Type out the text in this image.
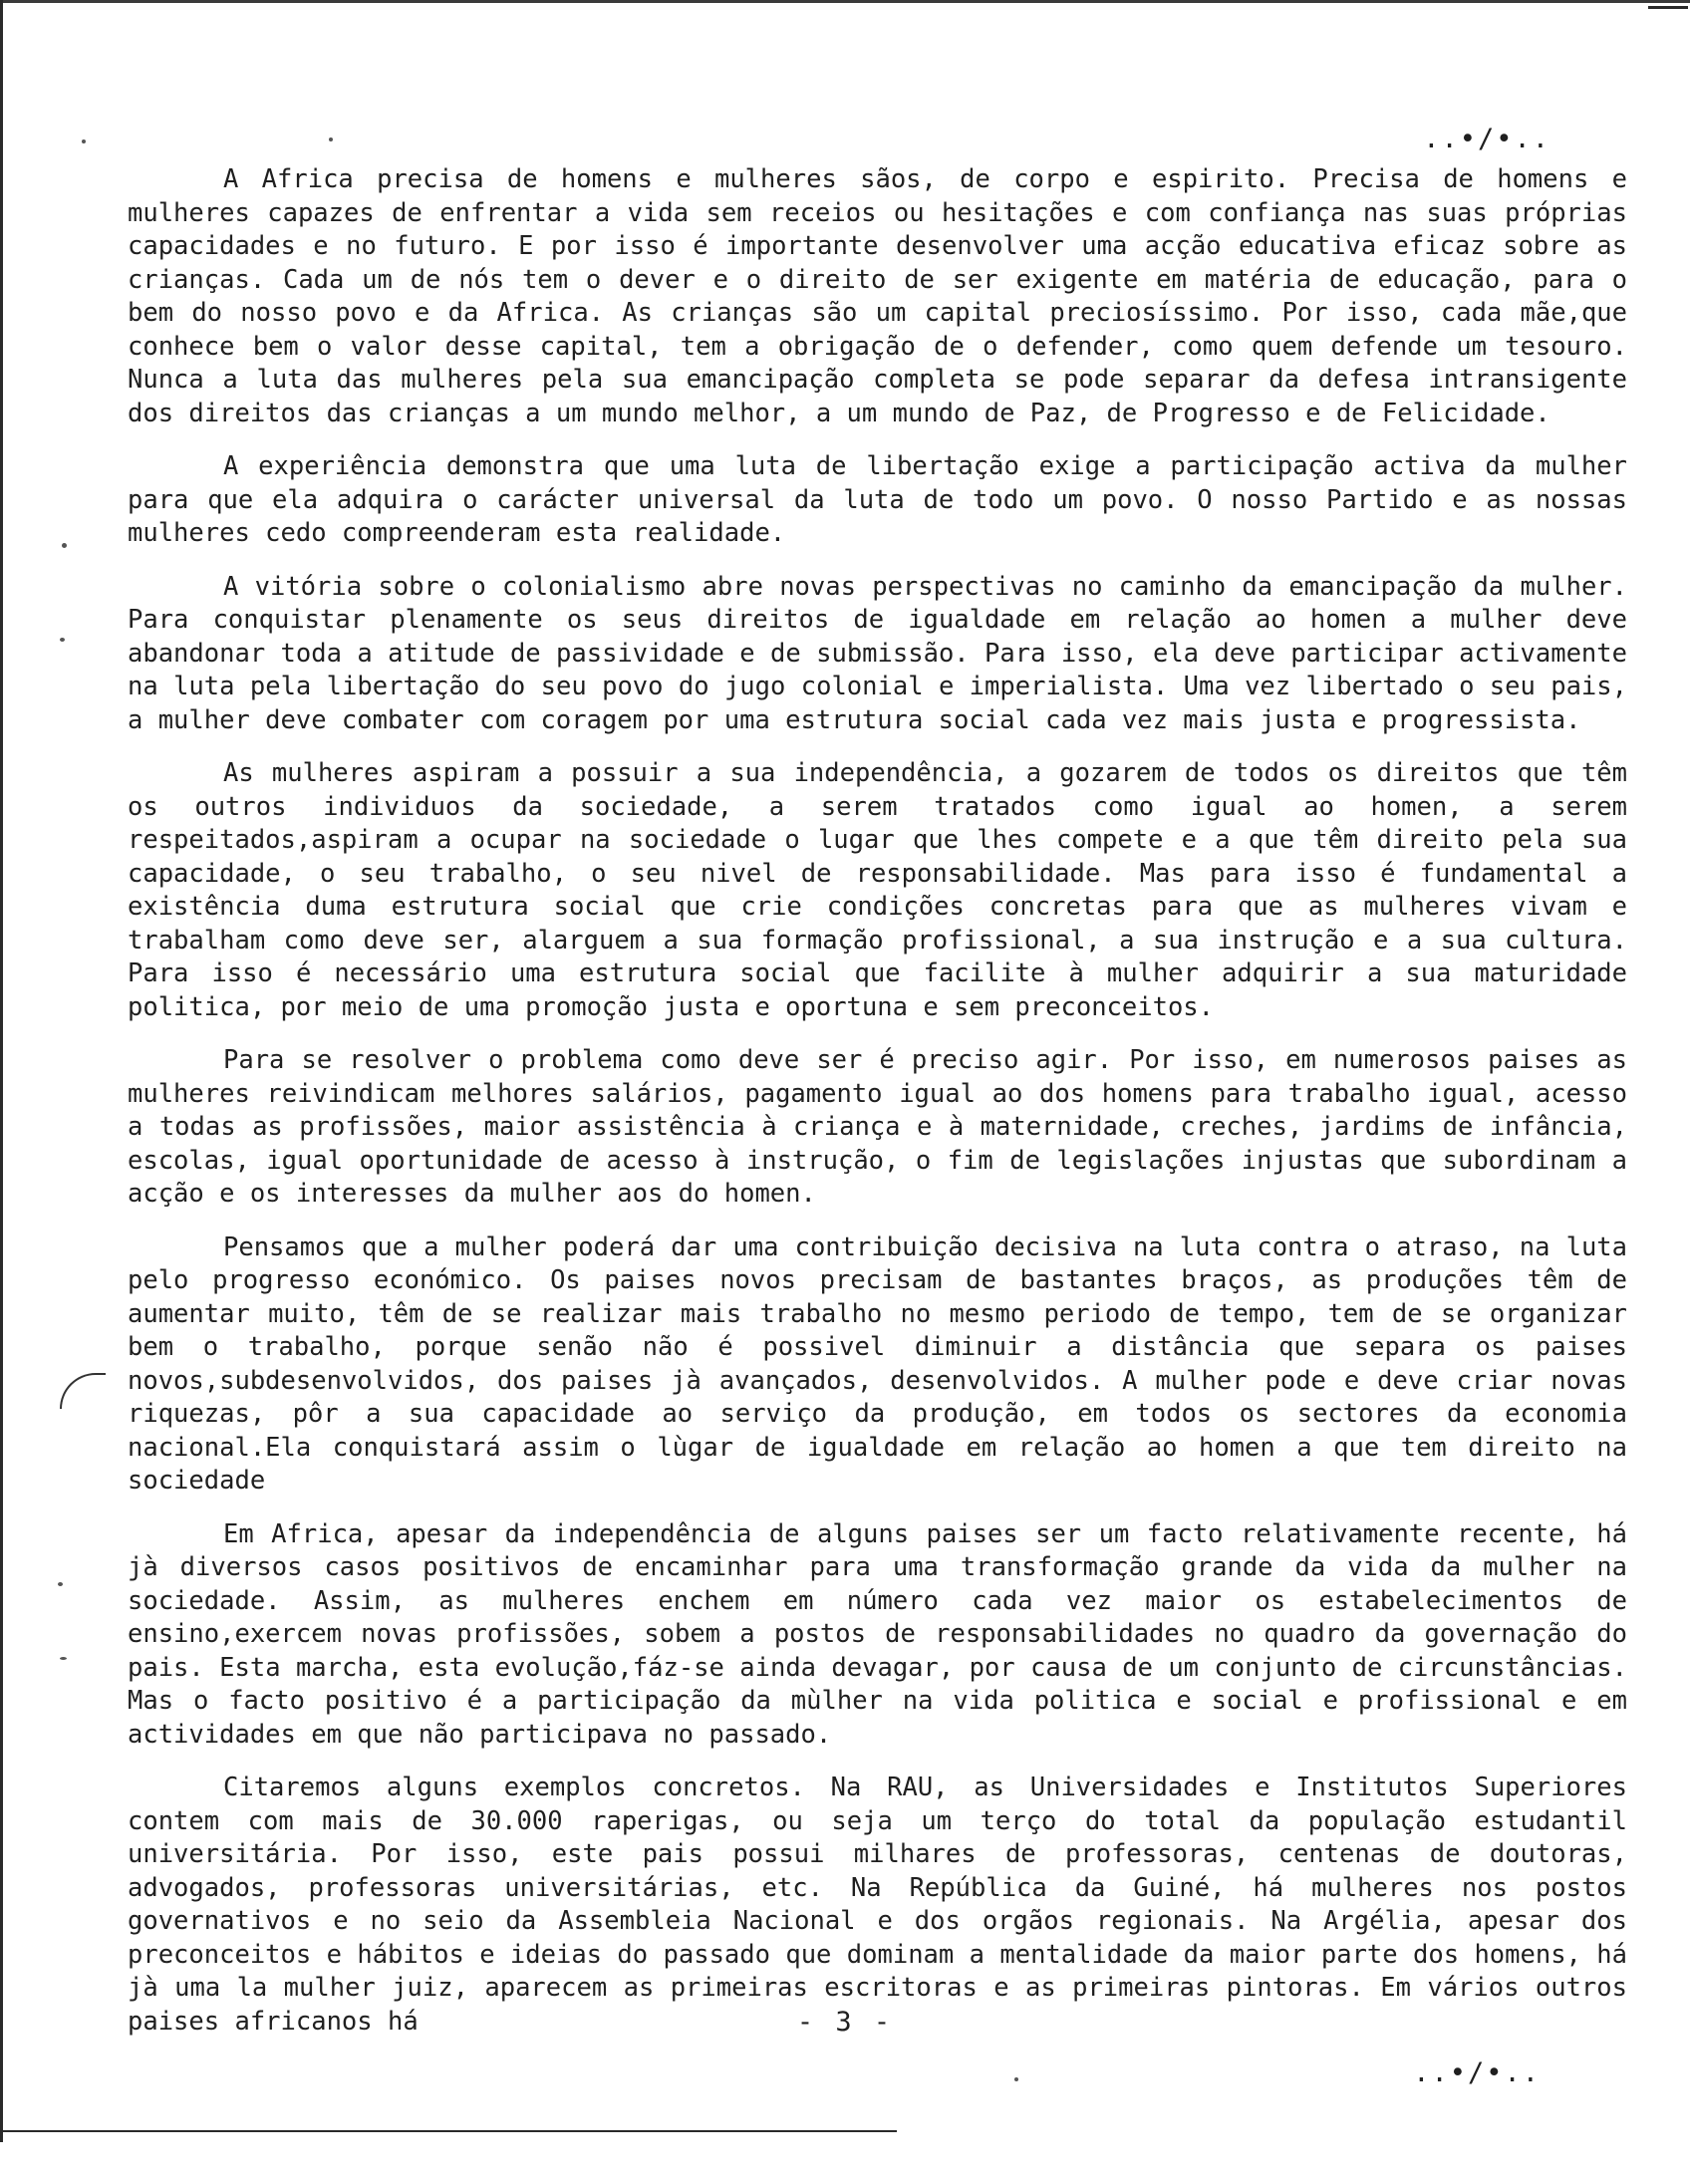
..•/•..

A Africa precisa de homens e mulheres sãos, de corpo e espirito. Precisa de homens e mulheres capazes de enfrentar a vida sem receios ou hesitações e com confiança nas suas próprias capacidades e no futuro. E por isso é importante desenvolver uma acção educativa eficaz sobre as crianças. Cada um de nós tem o dever e o direito de ser exigente em matéria de educação, para o bem do nosso povo e da Africa. As crianças são um capital preciosíssimo. Por isso, cada mãe,que conhece bem o valor desse capital, tem a obrigação de o defender, como quem defende um tesouro. Nunca a luta das mulheres pela sua emancipação completa se pode separar da defesa intransigente dos direitos das crianças a um mundo melhor, a um mundo de Paz, de Progresso e de Felicidade.

A experiência demonstra que uma luta de libertação exige a participação activa da mulher para que ela adquira o carácter universal da luta de todo um povo. O nosso Partido e as nossas mulheres cedo compreenderam esta realidade.

A vitória sobre o colonialismo abre novas perspectivas no caminho da emancipação da mulher. Para conquistar plenamente os seus direitos de igualdade em relação ao homen a mulher deve abandonar toda a atitude de passividade e de submissão. Para isso, ela deve participar activamente na luta pela libertação do seu povo do jugo colonial e imperialista. Uma vez libertado o seu pais, a mulher deve combater com coragem por uma estrutura social cada vez mais justa e progressista.

As mulheres aspiram a possuir a sua independência, a gozarem de todos os direitos que têm os outros individuos da sociedade, a serem tratados como igual ao homen, a serem respeitados,aspiram a ocupar na sociedade o lugar que lhes compete e a que têm direito pela sua capacidade, o seu trabalho, o seu nivel de responsabilidade. Mas para isso é fundamental a existência duma estrutura social que crie condições concretas para que as mulheres vivam e trabalham como deve ser, alarguem a sua formação profissional, a sua instrução e a sua cultura. Para isso é necessário uma estrutura social que facilite à mulher adquirir a sua maturidade politica, por meio de uma promoção justa e oportuna e sem preconceitos.

Para se resolver o problema como deve ser é preciso agir. Por isso, em numerosos paises as mulheres reivindicam melhores salários, pagamento igual ao dos homens para trabalho igual, acesso a todas as profissões, maior assistência à criança e à maternidade, creches, jardims de infância, escolas, igual oportunidade de acesso à instrução, o fim de legislações injustas que subordinam a acção e os interesses da mulher aos do homen.

Pensamos que a mulher poderá dar uma contribuição decisiva na luta contra o atraso, na luta pelo progresso económico. Os paises novos precisam de bastantes braços, as produções têm de aumentar muito, têm de se realizar mais trabalho no mesmo periodo de tempo, tem de se organizar bem o trabalho, porque senão não é possivel diminuir a distância que separa os paises novos,subdesenvolvidos, dos paises jà avançados, desenvolvidos. A mulher pode e deve criar novas riquezas, pôr a sua capacidade ao serviço da produção, em todos os sectores da economia nacional.Ela conquistará assim o lùgar de igualdade em relação ao homen a que tem direito na sociedade

Em Africa, apesar da independência de alguns paises ser um facto relativamente recente, há jà diversos casos positivos de encaminhar para uma transformação grande da vida da mulher na sociedade. Assim, as mulheres enchem em número cada vez maior os estabelecimentos de ensino,exercem novas profissões, sobem a postos de responsabilidades no quadro da governação do pais. Esta marcha, esta evolução,fáz-se ainda devagar, por causa de um conjunto de circunstâncias. Mas o facto positivo é a participação da mùlher na vida politica e social e profissional e em actividades em que não participava no passado.

Citaremos alguns exemplos concretos. Na RAU, as Universidades e Institutos Superiores contem com mais de 30.000 raperigas, ou seja um terço do total da população estudantil universitária. Por isso, este pais possui milhares de professoras, centenas de doutoras, advogados, professoras universitárias, etc. Na República da Guiné, há mulheres nos postos governativos e no seio da Assembleia Nacional e dos orgãos regionais. Na Argélia, apesar dos preconceitos e hábitos e ideias do passado que dominam a mentalidade da maior parte dos homens, há jà uma la mulher juiz, aparecem as primeiras escritoras e as primeiras pintoras. Em vários outros paises africanos há	- 3 -
..•/•..
